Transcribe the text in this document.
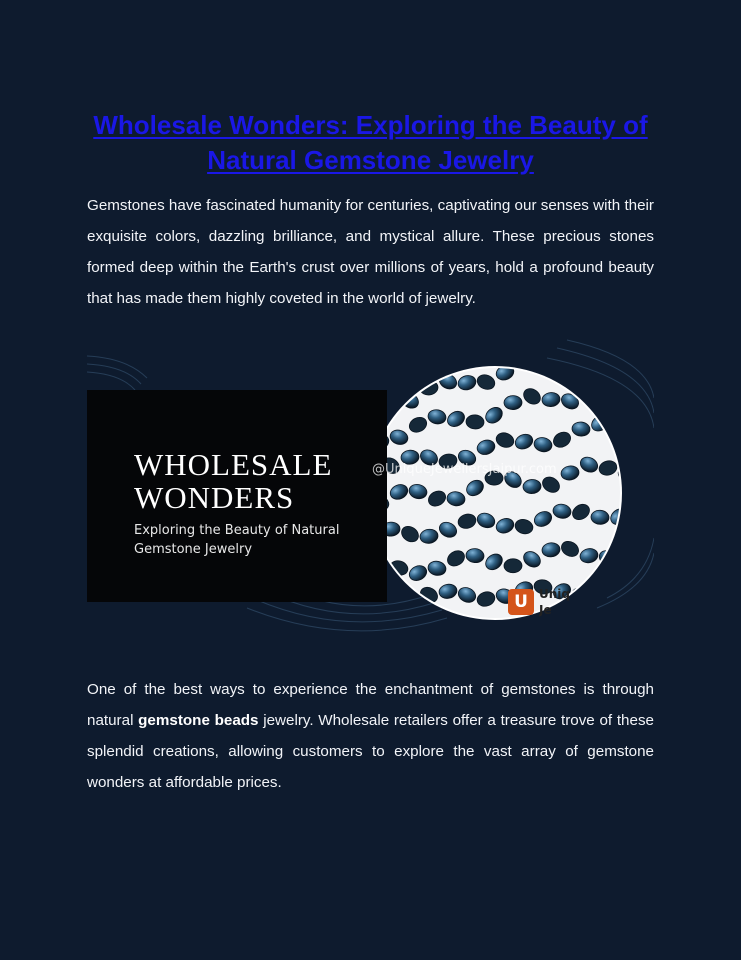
Wholesale Wonders: Exploring the Beauty of Natural Gemstone Jewelry

Gemstones have fascinated humanity for centuries, captivating our senses with their exquisite colors, dazzling brilliance, and mystical allure. These precious stones formed deep within the Earth's crust over millions of years, hold a profound beauty that has made them highly coveted in the world of jewelry.

WHOLESALE
WONDERS

Exploring the Beauty of Natural Gemstone Jewelry

@UniqueJewellersJaipur.com
U Uniq
Je

One of the best ways to experience the enchantment of gemstones is through natural gemstone beads jewelry. Wholesale retailers offer a treasure trove of these splendid creations, allowing customers to explore the vast array of gemstone wonders at affordable prices.
